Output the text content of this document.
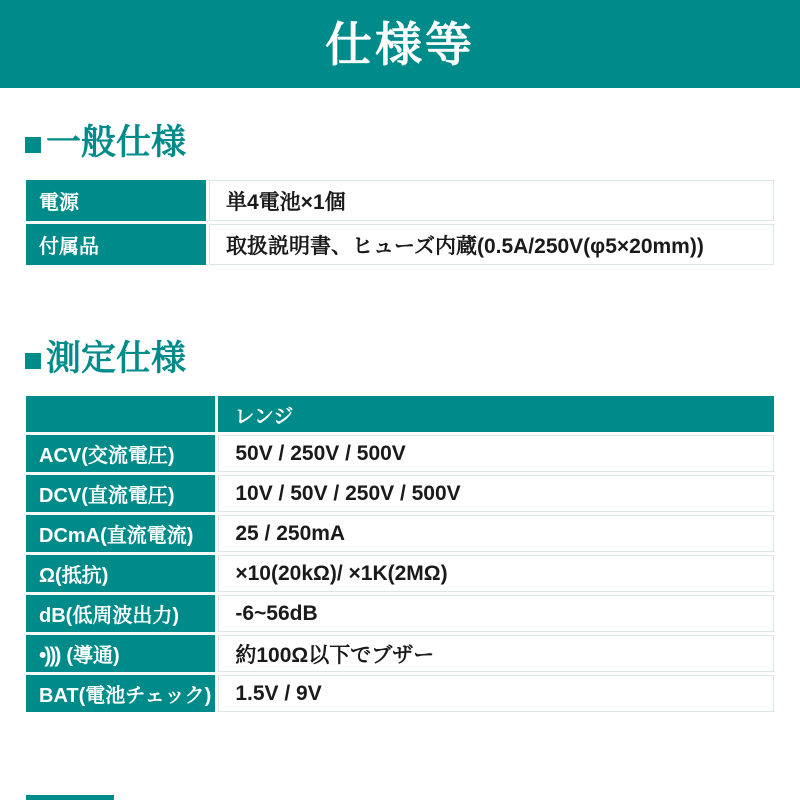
仕様等
■ 一般仕様
電源	単4電池×1個
付属品	取扱説明書、ヒューズ内蔵(0.5A/250V(φ5×20mm))
■ 測定仕様
	レンジ
ACV(交流電圧)	50V / 250V / 500V
DCV(直流電圧)	10V / 50V / 250V / 500V
DCmA(直流電流)	25 / 250mA
Ω(抵抗)	×10(20kΩ)/ ×1K(2MΩ)
dB(低周波出力)	-6~56dB
•))) (導通)	約100Ω以下でブザー
BAT(電池チェック)	1.5V / 9V
